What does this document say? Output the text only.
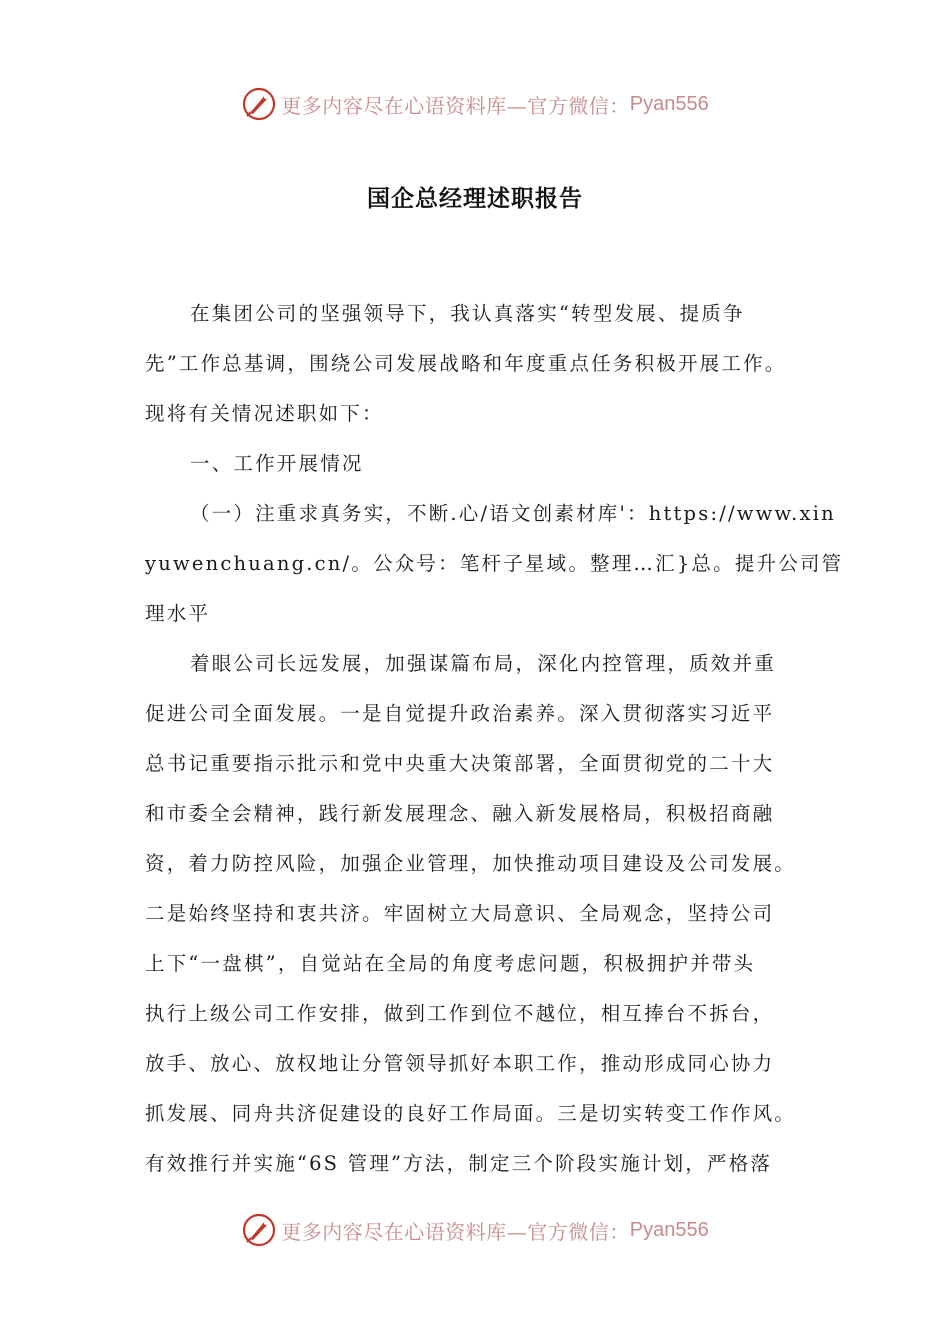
更多内容尽在心语资料库—官方微信： Pyan556
国企总经理述职报告
在集团公司的坚强领导下，我认真落实“转型发展、提质争
先”工作总基调，围绕公司发展战略和年度重点任务积极开展工作。
现将有关情况述职如下：
一、工作开展情况
（一）注重求真务实，不断.心/语文创素材库'：https://www.xin
yuwenchuang.cn/。公众号：笔杆子星域。整理…汇}总。提升公司管
理水平
着眼公司长远发展，加强谋篇布局，深化内控管理，质效并重
促进公司全面发展。一是自觉提升政治素养。深入贯彻落实习近平
总书记重要指示批示和党中央重大决策部署，全面贯彻党的二十大
和市委全会精神，践行新发展理念、融入新发展格局，积极招商融
资，着力防控风险，加强企业管理，加快推动项目建设及公司发展。
二是始终坚持和衷共济。牢固树立大局意识、全局观念，坚持公司
上下“一盘棋”，自觉站在全局的角度考虑问题，积极拥护并带头
执行上级公司工作安排，做到工作到位不越位，相互捧台不拆台，
放手、放心、放权地让分管领导抓好本职工作，推动形成同心协力
抓发展、同舟共济促建设的良好工作局面。三是切实转变工作作风。
有效推行并实施“6S 管理”方法，制定三个阶段实施计划，严格落
更多内容尽在心语资料库—官方微信： Pyan556
